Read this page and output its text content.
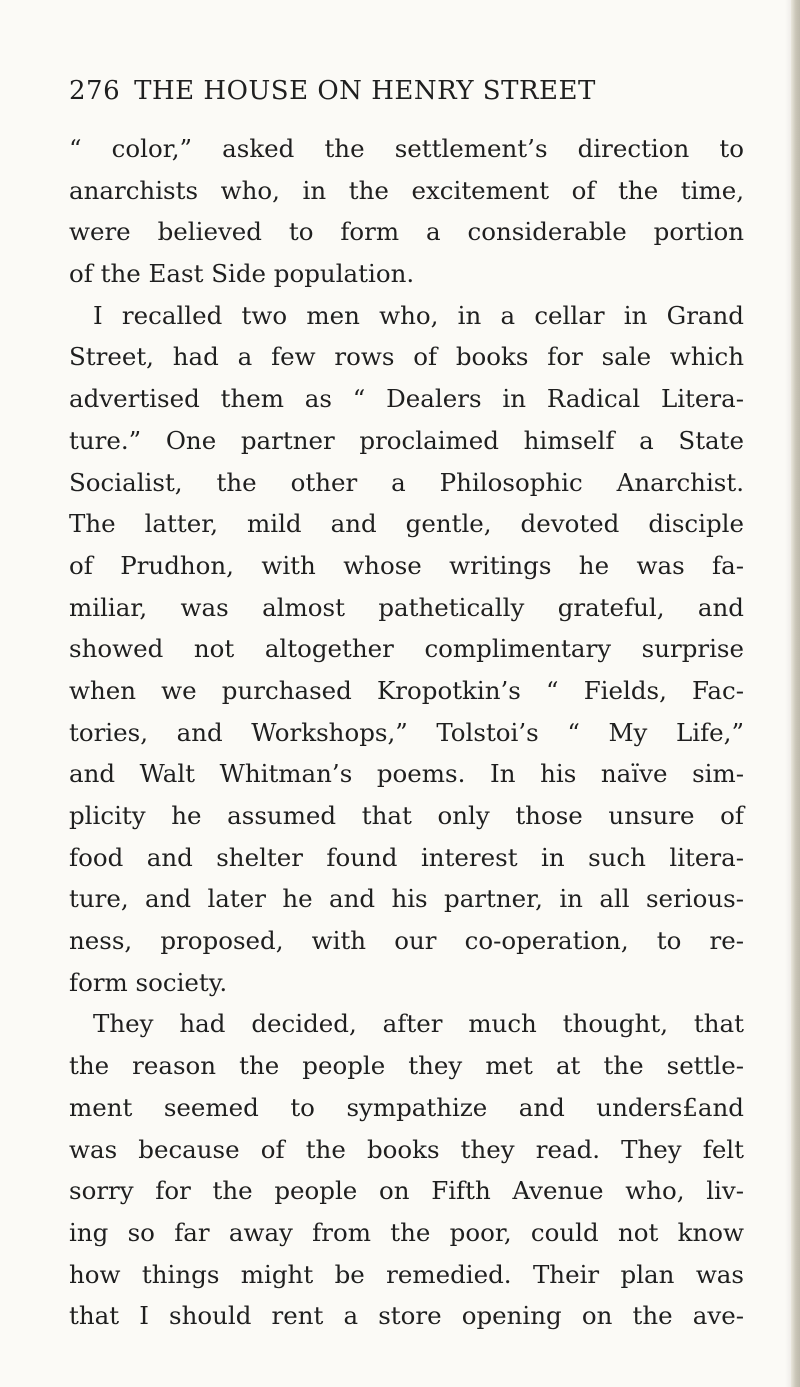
276 THE HOUSE ON HENRY STREET
“ color,” asked the settlement’s direction to
anarchists who, in the excitement of the time,
were believed to form a considerable portion
of the East Side population.
I recalled two men who, in a cellar in Grand
Street, had a few rows of books for sale which
advertised them as “ Dealers in Radical Litera-
ture.” One partner proclaimed himself a State
Socialist, the other a Philosophic Anarchist.
The latter, mild and gentle, devoted disciple
of Prudhon, with whose writings he was fa-
miliar, was almost pathetically grateful, and
showed not altogether complimentary surprise
when we purchased Kropotkin’s “ Fields, Fac-
tories, and Workshops,” Tolstoi’s “ My Life,”
and Walt Whitman’s poems. In his naïve sim-
plicity he assumed that only those unsure of
food and shelter found interest in such litera-
ture, and later he and his partner, in all serious-
ness, proposed, with our co-operation, to re-
form society.
They had decided, after much thought, that
the reason the people they met at the settle-
ment seemed to sympathize and unders£and
was because of the books they read. They felt
sorry for the people on Fifth Avenue who, liv-
ing so far away from the poor, could not know
how things might be remedied. Their plan was
that I should rent a store opening on the ave-
